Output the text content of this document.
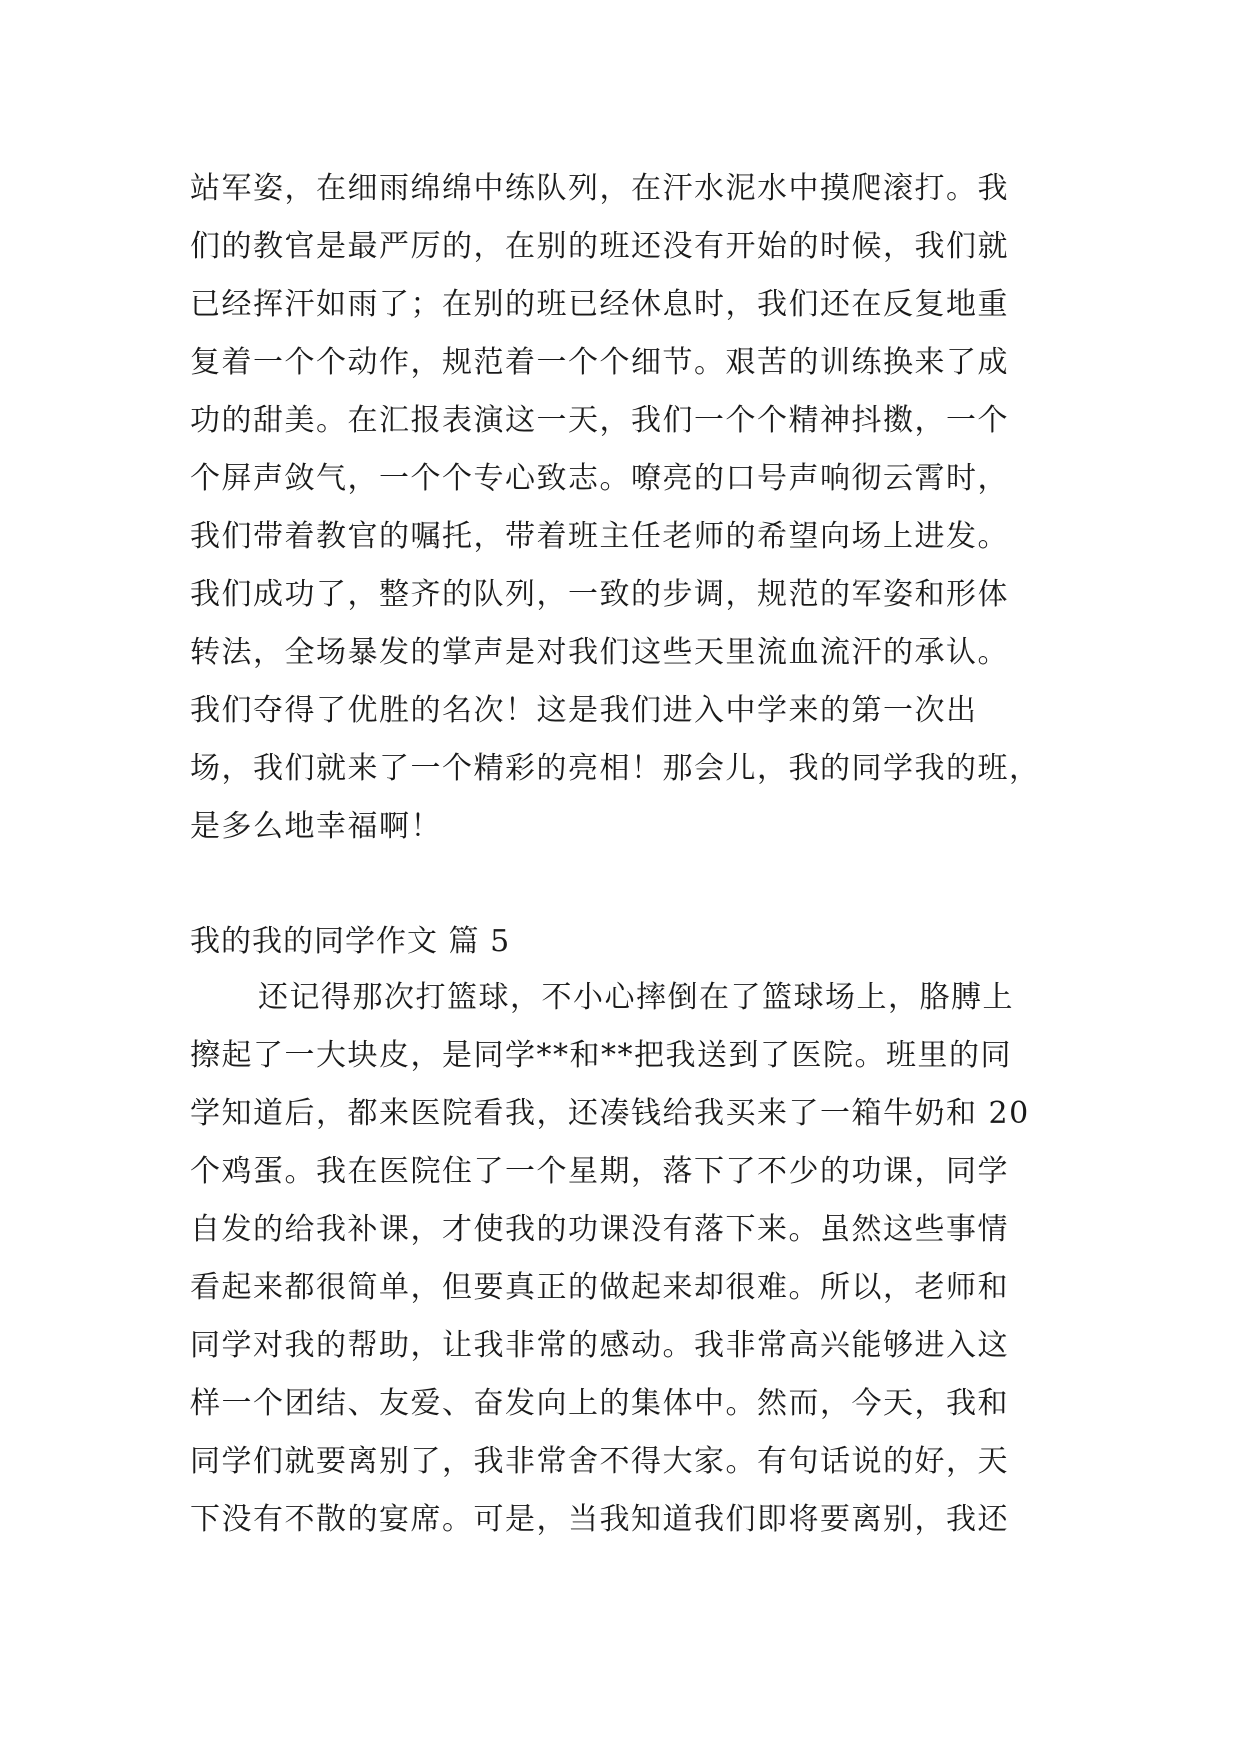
站军姿，在细雨绵绵中练队列，在汗水泥水中摸爬滚打。我
们的教官是最严厉的，在别的班还没有开始的时候，我们就
已经挥汗如雨了；在别的班已经休息时，我们还在反复地重
复着一个个动作，规范着一个个细节。艰苦的训练换来了成
功的甜美。在汇报表演这一天，我们一个个精神抖擞，一个
个屏声敛气，一个个专心致志。嘹亮的口号声响彻云霄时，
我们带着教官的嘱托，带着班主任老师的希望向场上进发。
我们成功了，整齐的队列，一致的步调，规范的军姿和形体
转法，全场暴发的掌声是对我们这些天里流血流汗的承认。
我们夺得了优胜的名次！这是我们进入中学来的第一次出
场，我们就来了一个精彩的亮相！那会儿，我的同学我的班，
是多么地幸福啊！
我的我的同学作文 篇 5
还记得那次打篮球，不小心摔倒在了篮球场上，胳膊上
擦起了一大块皮，是同学**和**把我送到了医院。班里的同
学知道后，都来医院看我，还凑钱给我买来了一箱牛奶和 20
个鸡蛋。我在医院住了一个星期，落下了不少的功课，同学
自发的给我补课，才使我的功课没有落下来。虽然这些事情
看起来都很简单，但要真正的做起来却很难。所以，老师和
同学对我的帮助，让我非常的感动。我非常高兴能够进入这
样一个团结、友爱、奋发向上的集体中。然而，今天，我和
同学们就要离别了，我非常舍不得大家。有句话说的好，天
下没有不散的宴席。可是，当我知道我们即将要离别，我还
